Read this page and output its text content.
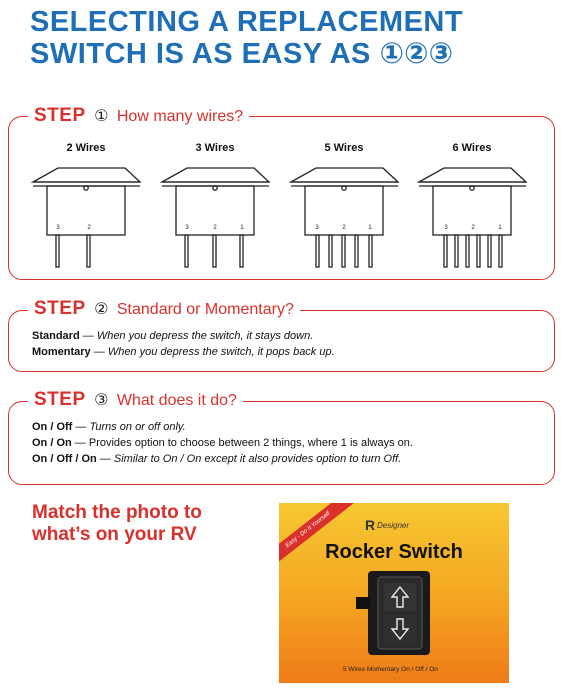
SELECTING A REPLACEMENT
SWITCH IS AS EASY AS ①②③
STEP ① How many wires?
2 Wires	3 Wires	5 Wires	6 Wires
3	2	3	2	1	3	2	1	3	2	1
STEP ② Standard or Momentary?
Standard — When you depress the switch, it stays down.
Momentary — When you depress the switch, it pops back up.
STEP ③ What does it do?
On / Off — Turns on or off only.
On / On — Provides option to choose between 2 things, where 1 is always on.
On / Off / On — Similar to On / On except it also provides option to turn Off.
Match the photo to
what’s on your RV	Easy - Do It Yourself	R Designer
Rocker Switch
5 Wires Momentary On / Off / On
